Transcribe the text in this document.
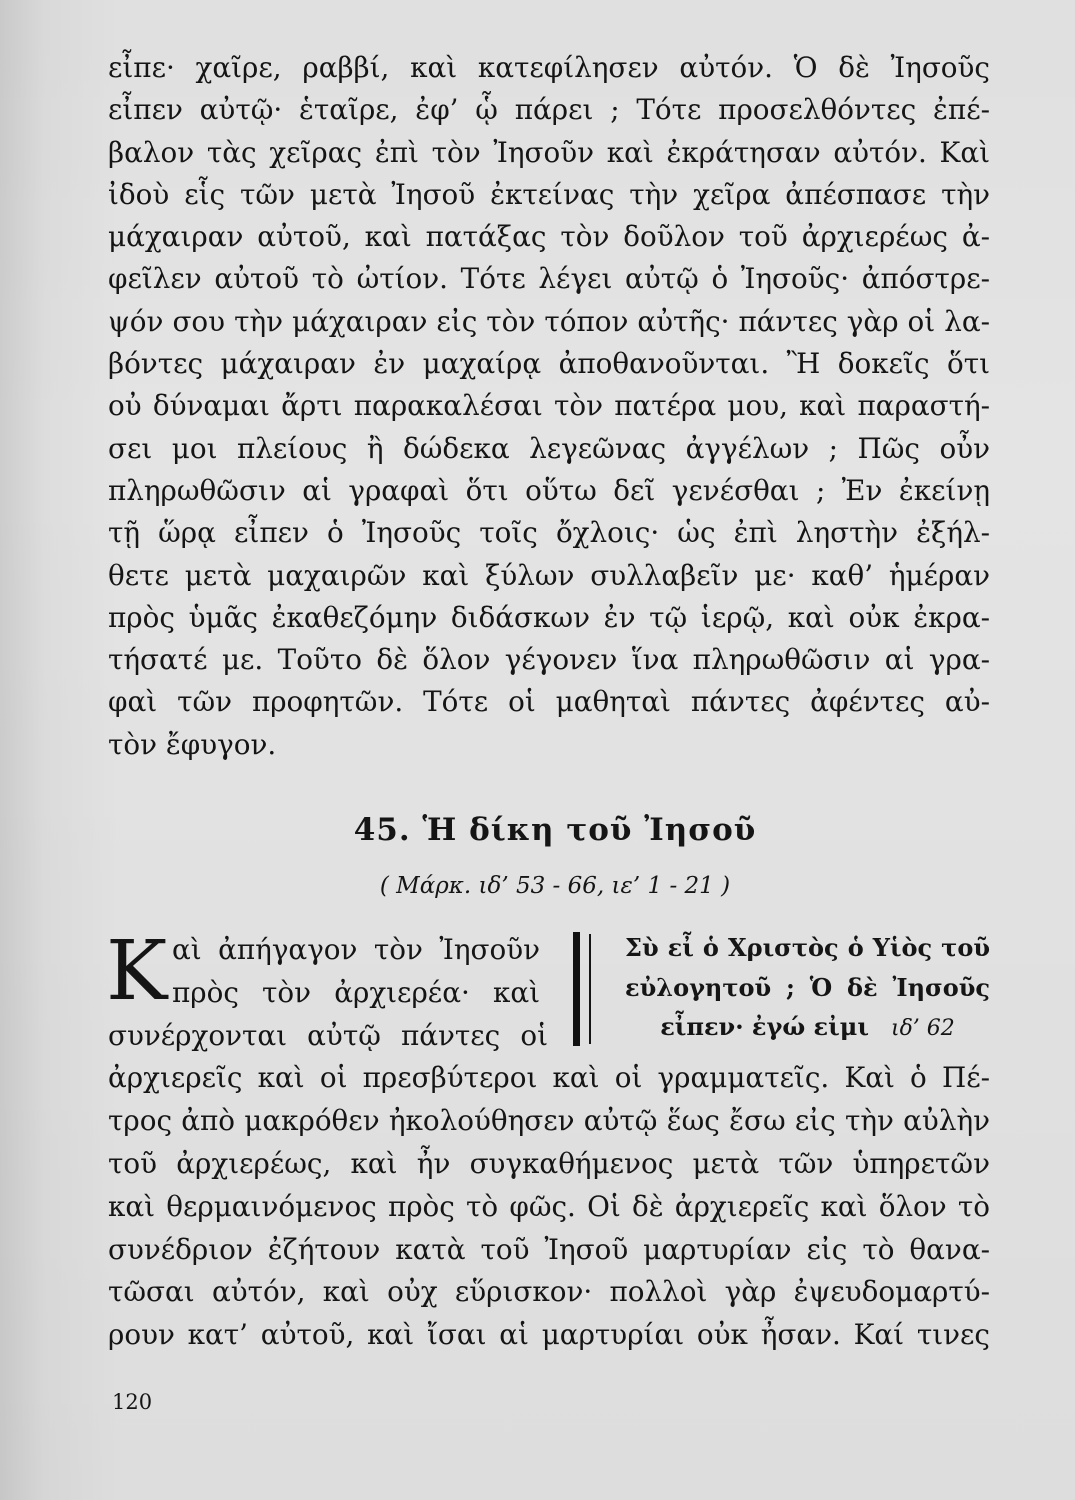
εἶπε· χαῖρε, ραββί, καὶ κατεφίλησεν αὐτόν. Ὁ δὲ Ἰησοῦς
εἶπεν αὐτῷ· ἑταῖρε, ἐφ’ ᾧ πάρει ; Τότε προσελθόντες ἐπέ-
βαλον τὰς χεῖρας ἐπὶ τὸν Ἰησοῦν καὶ ἐκράτησαν αὐτόν. Καὶ
ἰδοὺ εἷς τῶν μετὰ Ἰησοῦ ἐκτείνας τὴν χεῖρα ἀπέσπασε τὴν
μάχαιραν αὐτοῦ, καὶ πατάξας τὸν δοῦλον τοῦ ἀρχιερέως ἀ-
φεῖλεν αὐτοῦ τὸ ὠτίον. Τότε λέγει αὐτῷ ὁ Ἰησοῦς· ἀπόστρε-
ψόν σου τὴν μάχαιραν εἰς τὸν τόπον αὐτῆς· πάντες γὰρ οἱ λα-
βόντες μάχαιραν ἐν μαχαίρᾳ ἀποθανοῦνται. Ἢ δοκεῖς ὅτι
οὐ δύναμαι ἄρτι παρακαλέσαι τὸν πατέρα μου, καὶ παραστή-
σει μοι πλείους ἢ δώδεκα λεγεῶνας ἀγγέλων ; Πῶς οὖν
πληρωθῶσιν αἱ γραφαὶ ὅτι οὕτω δεῖ γενέσθαι ; Ἐν ἐκείνῃ
τῇ ὥρᾳ εἶπεν ὁ Ἰησοῦς τοῖς ὄχλοις· ὡς ἐπὶ ληστὴν ἐξήλ-
θετε μετὰ μαχαιρῶν καὶ ξύλων συλλαβεῖν με· καθ’ ἡμέραν
πρὸς ὑμᾶς ἐκαθεζόμην διδάσκων ἐν τῷ ἱερῷ, καὶ οὐκ ἐκρα-
τήσατέ με. Τοῦτο δὲ ὅλον γέγονεν ἵνα πληρωθῶσιν αἱ γρα-
φαὶ τῶν προφητῶν. Τότε οἱ μαθηταὶ πάντες ἀφέντες αὐ-
τὸν ἔφυγον.
45. Ἡ δίκη τοῦ Ἰησοῦ
( Μάρκ. ιδ’ 53 - 66, ιε’ 1 - 21 )
Κ αὶ ἀπήγαγον τὸν Ἰησοῦν
πρὸς τὸν ἀρχιερέα· καὶ
συνέρχονται αὐτῷ πάντες οἱ
ἀρχιερεῖς καὶ οἱ πρεσβύτεροι καὶ οἱ γραμματεῖς. Καὶ ὁ Πέ-
τρος ἀπὸ μακρόθεν ἠκολούθησεν αὐτῷ ἕως ἔσω εἰς τὴν αὐλὴν
τοῦ ἀρχιερέως, καὶ ἦν συγκαθήμενος μετὰ τῶν ὑπηρετῶν
καὶ θερμαινόμενος πρὸς τὸ φῶς. Οἱ δὲ ἀρχιερεῖς καὶ ὅλον τὸ
συνέδριον ἐζήτουν κατὰ τοῦ Ἰησοῦ μαρτυρίαν εἰς τὸ θανα-
τῶσαι αὐτόν, καὶ οὐχ εὕρισκον· πολλοὶ γὰρ ἐψευδομαρτύ-
ρουν κατ’ αὐτοῦ, καὶ ἴσαι αἱ μαρτυρίαι οὐκ ἦσαν. Καί τινες
Σὺ εἶ ὁ Χριστὸς ὁ Υἱὸς τοῦ
εὐλογητοῦ ; Ὁ δὲ Ἰησοῦς
εἶπεν· ἐγώ εἰμι ιδ’ 62
120
